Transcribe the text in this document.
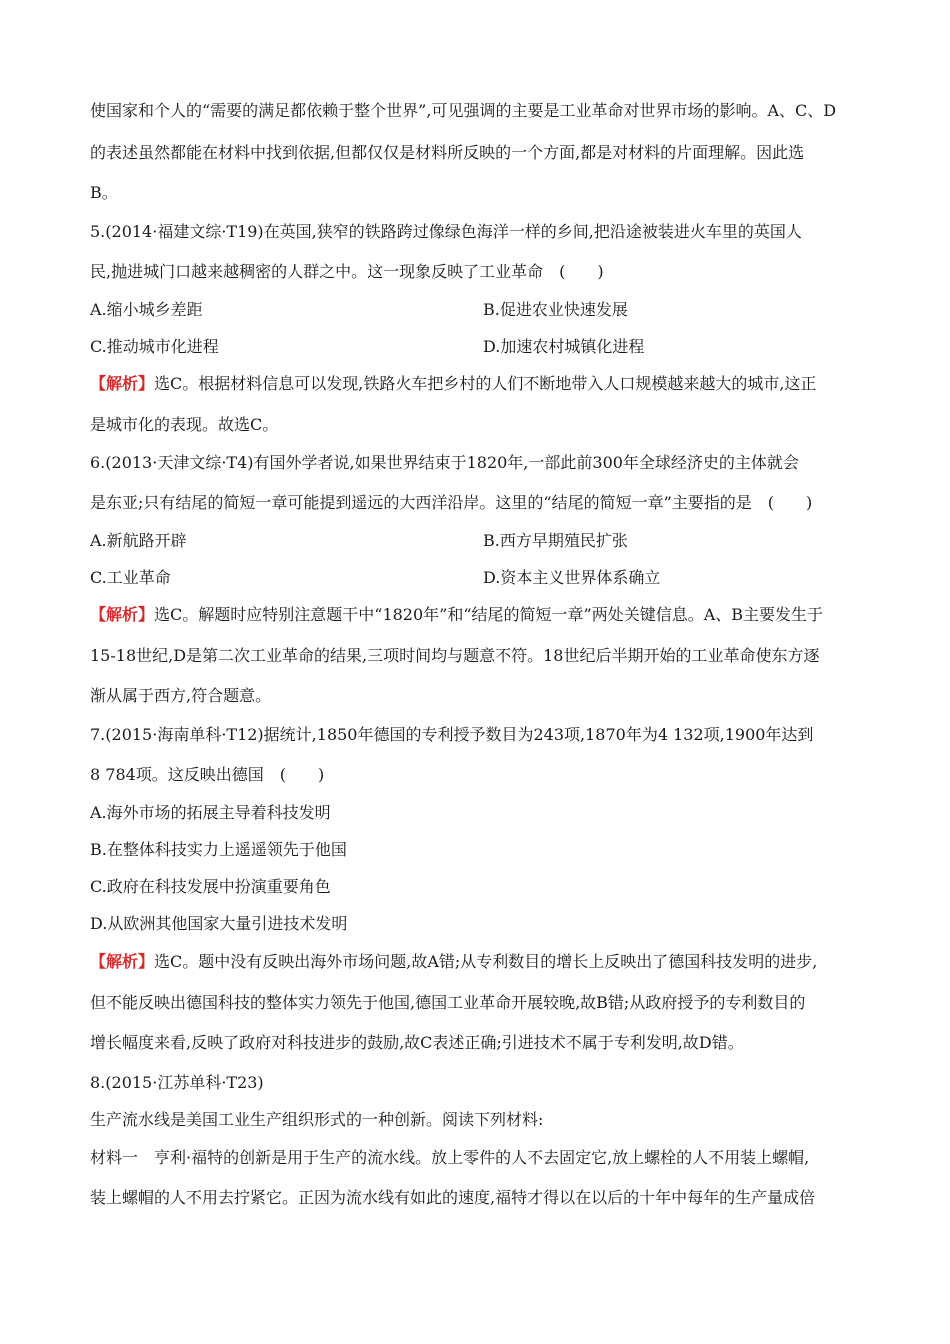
使国家和个人的“需要的满足都依赖于整个世界”,可见强调的主要是工业革命对世界市场的影响。A、C、D
的表述虽然都能在材料中找到依据,但都仅仅是材料所反映的一个方面,都是对材料的片面理解。因此选
B。
5.(2014·福建文综·T19)在英国,狭窄的铁路跨过像绿色海洋一样的乡间,把沿途被装进火车里的英国人
民,抛进城门口越来越稠密的人群之中。这一现象反映了工业革命　(　　)
A.缩小城乡差距	B.促进农业快速发展
C.推动城市化进程	D.加速农村城镇化进程
【解析】选C。根据材料信息可以发现,铁路火车把乡村的人们不断地带入人口规模越来越大的城市,这正
是城市化的表现。故选C。
6.(2013·天津文综·T4)有国外学者说,如果世界结束于1820年,一部此前300年全球经济史的主体就会
是东亚;只有结尾的简短一章可能提到遥远的大西洋沿岸。这里的“结尾的简短一章”主要指的是　(　　)
A.新航路开辟	B.西方早期殖民扩张
C.工业革命	D.资本主义世界体系确立
【解析】选C。解题时应特别注意题干中“1820年”和“结尾的简短一章”两处关键信息。A、B主要发生于
15-18世纪,D是第二次工业革命的结果,三项时间均与题意不符。18世纪后半期开始的工业革命使东方逐
渐从属于西方,符合题意。
7.(2015·海南单科·T12)据统计,1850年德国的专利授予数目为243项,1870年为4 132项,1900年达到
8 784项。这反映出德国　(　　)
A.海外市场的拓展主导着科技发明
B.在整体科技实力上遥遥领先于他国
C.政府在科技发展中扮演重要角色
D.从欧洲其他国家大量引进技术发明
【解析】选C。题中没有反映出海外市场问题,故A错;从专利数目的增长上反映出了德国科技发明的进步,
但不能反映出德国科技的整体实力领先于他国,德国工业革命开展较晚,故B错;从政府授予的专利数目的
增长幅度来看,反映了政府对科技进步的鼓励,故C表述正确;引进技术不属于专利发明,故D错。
8.(2015·江苏单科·T23)
生产流水线是美国工业生产组织形式的一种创新。阅读下列材料:
材料一　亨利·福特的创新是用于生产的流水线。放上零件的人不去固定它,放上螺栓的人不用装上螺帽,
装上螺帽的人不用去拧紧它。正因为流水线有如此的速度,福特才得以在以后的十年中每年的生产量成倍
